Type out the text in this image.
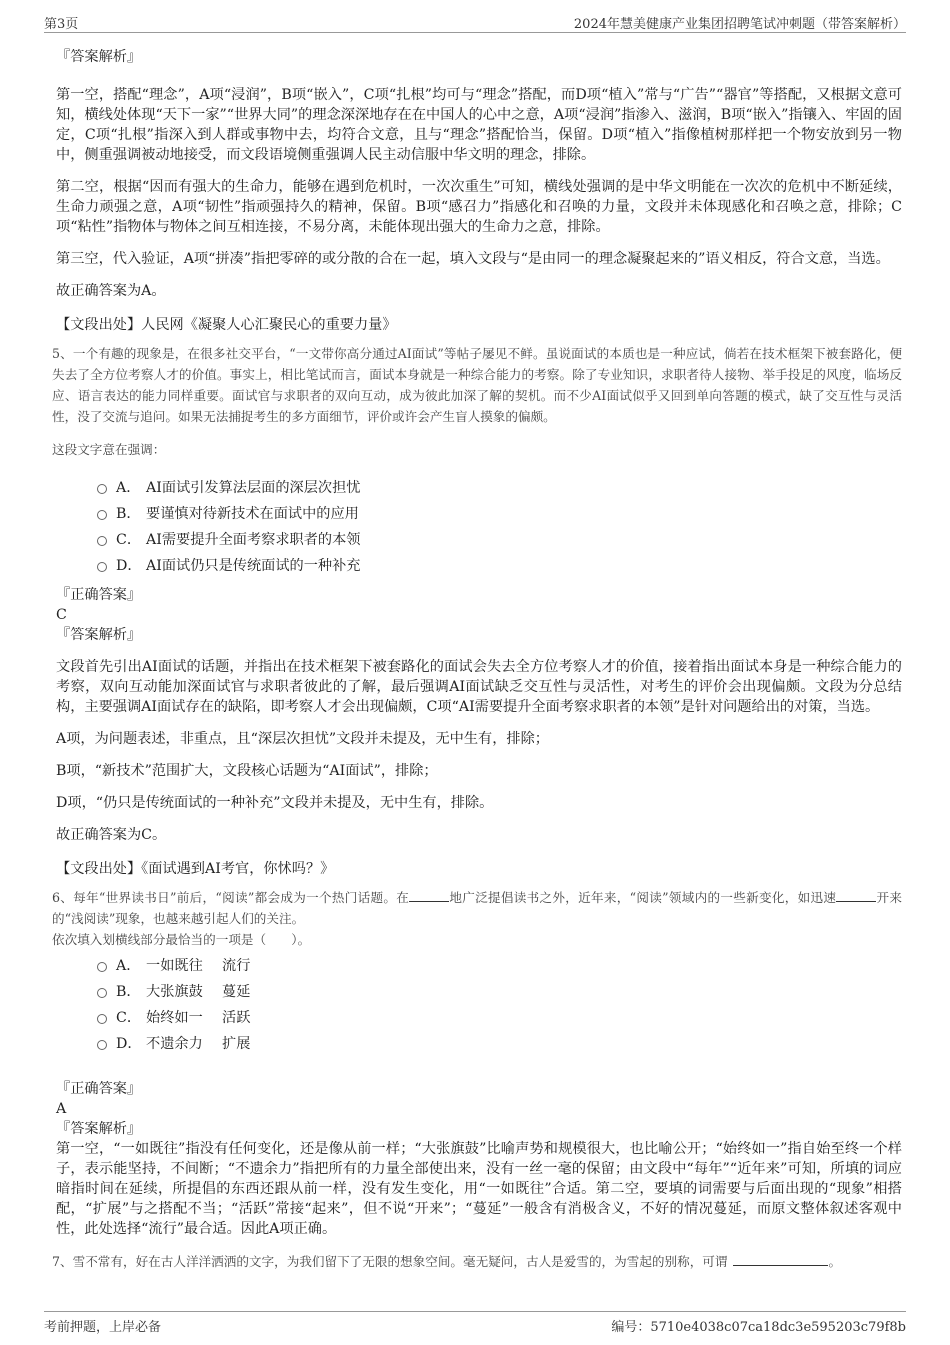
第3页	2024年慧美健康产业集团招聘笔试冲刺题（带答案解析）

『答案解析』

第一空，搭配“理念”，A项“浸润”，B项“嵌入”，C项“扎根”均可与“理念”搭配，而D项“植入”常与“广告”“器官”等搭配，又根据文意可知，横线处体现“天下一家”“世界大同”的理念深深地存在在中国人的心中之意，A项“浸润”指渗入、滋润，B项“嵌入”指镶入、牢固的固定，C项“扎根”指深入到人群或事物中去，均符合文意，且与“理念”搭配恰当，保留。D项“植入”指像植树那样把一个物安放到另一物中，侧重强调被动地接受，而文段语境侧重强调人民主动信服中华文明的理念，排除。

第二空，根据“因而有强大的生命力，能够在遇到危机时，一次次重生”可知，横线处强调的是中华文明能在一次次的危机中不断延续，生命力顽强之意，A项“韧性”指顽强持久的精神，保留。B项“感召力”指感化和召唤的力量，文段并未体现感化和召唤之意，排除；C项“粘性”指物体与物体之间互相连接，不易分离，未能体现出强大的生命力之意，排除。

第三空，代入验证，A项“拼凑”指把零碎的或分散的合在一起，填入文段与“是由同一的理念凝聚起来的”语义相反，符合文意，当选。

故正确答案为A。

【文段出处】人民网《凝聚人心汇聚民心的重要力量》

5、一个有趣的现象是，在很多社交平台，“一文带你高分通过AI面试”等帖子屡见不鲜。虽说面试的本质也是一种应试，倘若在技术框架下被套路化，便失去了全方位考察人才的价值。事实上，相比笔试而言，面试本身就是一种综合能力的考察。除了专业知识，求职者待人接物、举手投足的风度，临场反应、语言表达的能力同样重要。面试官与求职者的双向互动，成为彼此加深了解的契机。而不少AI面试似乎又回到单向答题的模式，缺了交互性与灵活性，没了交流与追问。如果无法捕捉考生的多方面细节，评价或许会产生盲人摸象的偏颇。

这段文字意在强调：

A． AI面试引发算法层面的深层次担忧
B． 要谨慎对待新技术在面试中的应用
C． AI需要提升全面考察求职者的本领
D． AI面试仍只是传统面试的一种补充

『正确答案』

C

『答案解析』

文段首先引出AI面试的话题，并指出在技术框架下被套路化的面试会失去全方位考察人才的价值，接着指出面试本身是一种综合能力的考察，双向互动能加深面试官与求职者彼此的了解，最后强调AI面试缺乏交互性与灵活性，对考生的评价会出现偏颇。文段为分总结构，主要强调AI面试存在的缺陷，即考察人才会出现偏颇，C项“AI需要提升全面考察求职者的本领”是针对问题给出的对策，当选。

A项，为问题表述，非重点，且“深层次担忧”文段并未提及，无中生有，排除；

B项，“新技术”范围扩大，文段核心话题为“AI面试”，排除；

D项，“仍只是传统面试的一种补充”文段并未提及，无中生有，排除。

故正确答案为C。

【文段出处】《面试遇到AI考官，你怵吗？》

6、每年“世界读书日”前后，“阅读”都会成为一个热门话题。在	地广泛提倡读书之外，近年来，“阅读”领域内的一些新变化，如迅速	开来的“浅阅读”现象，也越来越引起人们的关注。

依次填入划横线部分最恰当的一项是（　　）。

A． 一如既往 流行
B． 大张旗鼓 蔓延
C． 始终如一 活跃
D． 不遗余力 扩展

『正确答案』

A

『答案解析』

第一空，“一如既往”指没有任何变化，还是像从前一样；“大张旗鼓”比喻声势和规模很大，也比喻公开；“始终如一”指自始至终一个样子，表示能坚持，不间断；“不遗余力”指把所有的力量全部使出来，没有一丝一毫的保留；由文段中“每年”“近年来”可知，所填的词应暗指时间在延续，所提倡的东西还跟从前一样，没有发生变化，用“一如既往”合适。第二空，要填的词需要与后面出现的“现象”相搭配，“扩展”与之搭配不当；“活跃”常接“起来”，但不说“开来”；“蔓延”一般含有消极含义，不好的情况蔓延，而原文整体叙述客观中性，此处选择“流行”最合适。因此A项正确。

7、雪不常有，好在古人洋洋洒洒的文字，为我们留下了无限的想象空间。毫无疑问，古人是爱雪的，为雪起的别称，可谓	。

考前押题，上岸必备	编号：5710e4038c07ca18dc3e595203c79f8b
